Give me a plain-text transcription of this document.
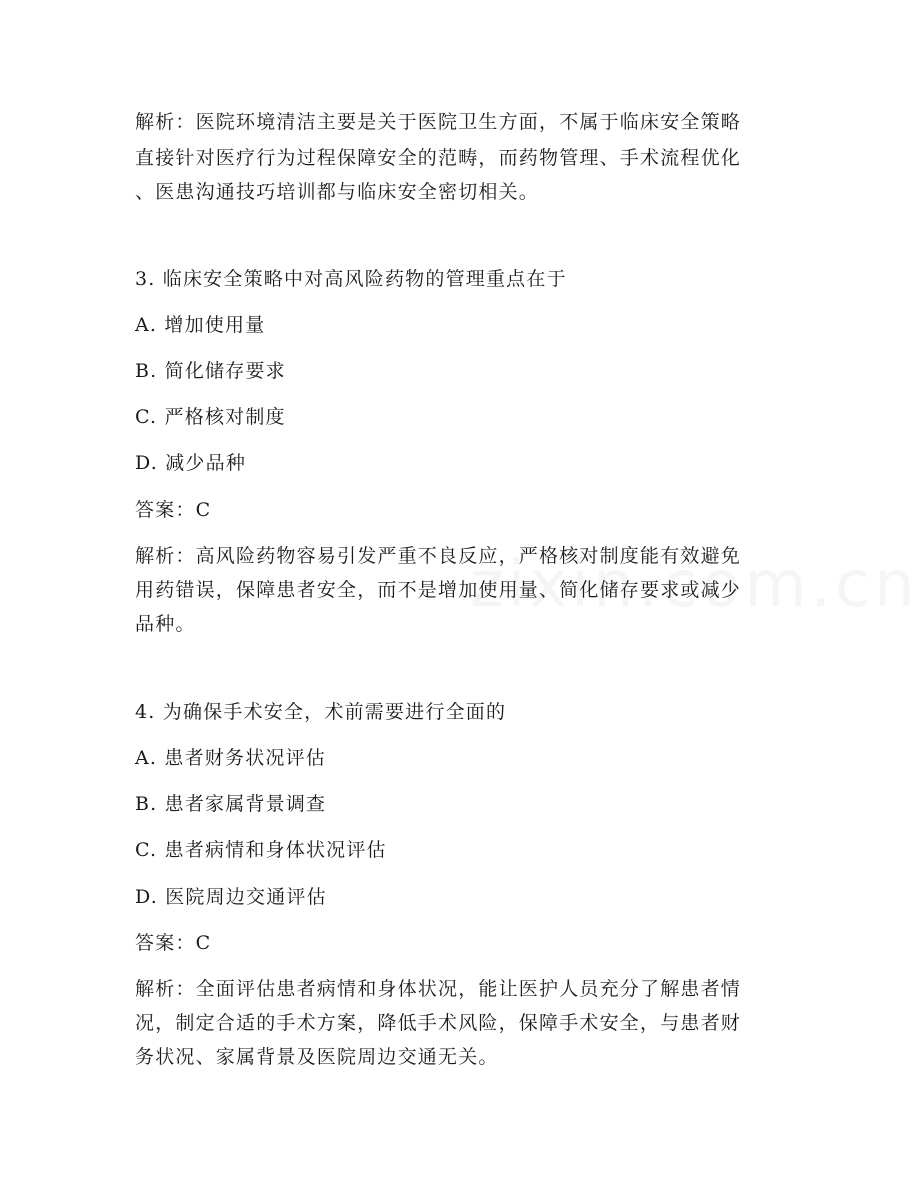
解析：医院环境清洁主要是关于医院卫生方面，不属于临床安全策略
直接针对医疗行为过程保障安全的范畴，而药物管理、手术流程优化
、医患沟通技巧培训都与临床安全密切相关。
3. 临床安全策略中对高风险药物的管理重点在于
A. 增加使用量
B. 简化储存要求
C. 严格核对制度
D. 减少品种
答案：C
解析：高风险药物容易引发严重不良反应，严格核对制度能有效避免
用药错误，保障患者安全，而不是增加使用量、简化储存要求或减少
品种。
4. 为确保手术安全，术前需要进行全面的
A. 患者财务状况评估
B. 患者家属背景调查
C. 患者病情和身体状况评估
D. 医院周边交通评估
答案：C
解析：全面评估患者病情和身体状况，能让医护人员充分了解患者情
况，制定合适的手术方案，降低手术风险，保障手术安全，与患者财
务状况、家属背景及医院周边交通无关。
